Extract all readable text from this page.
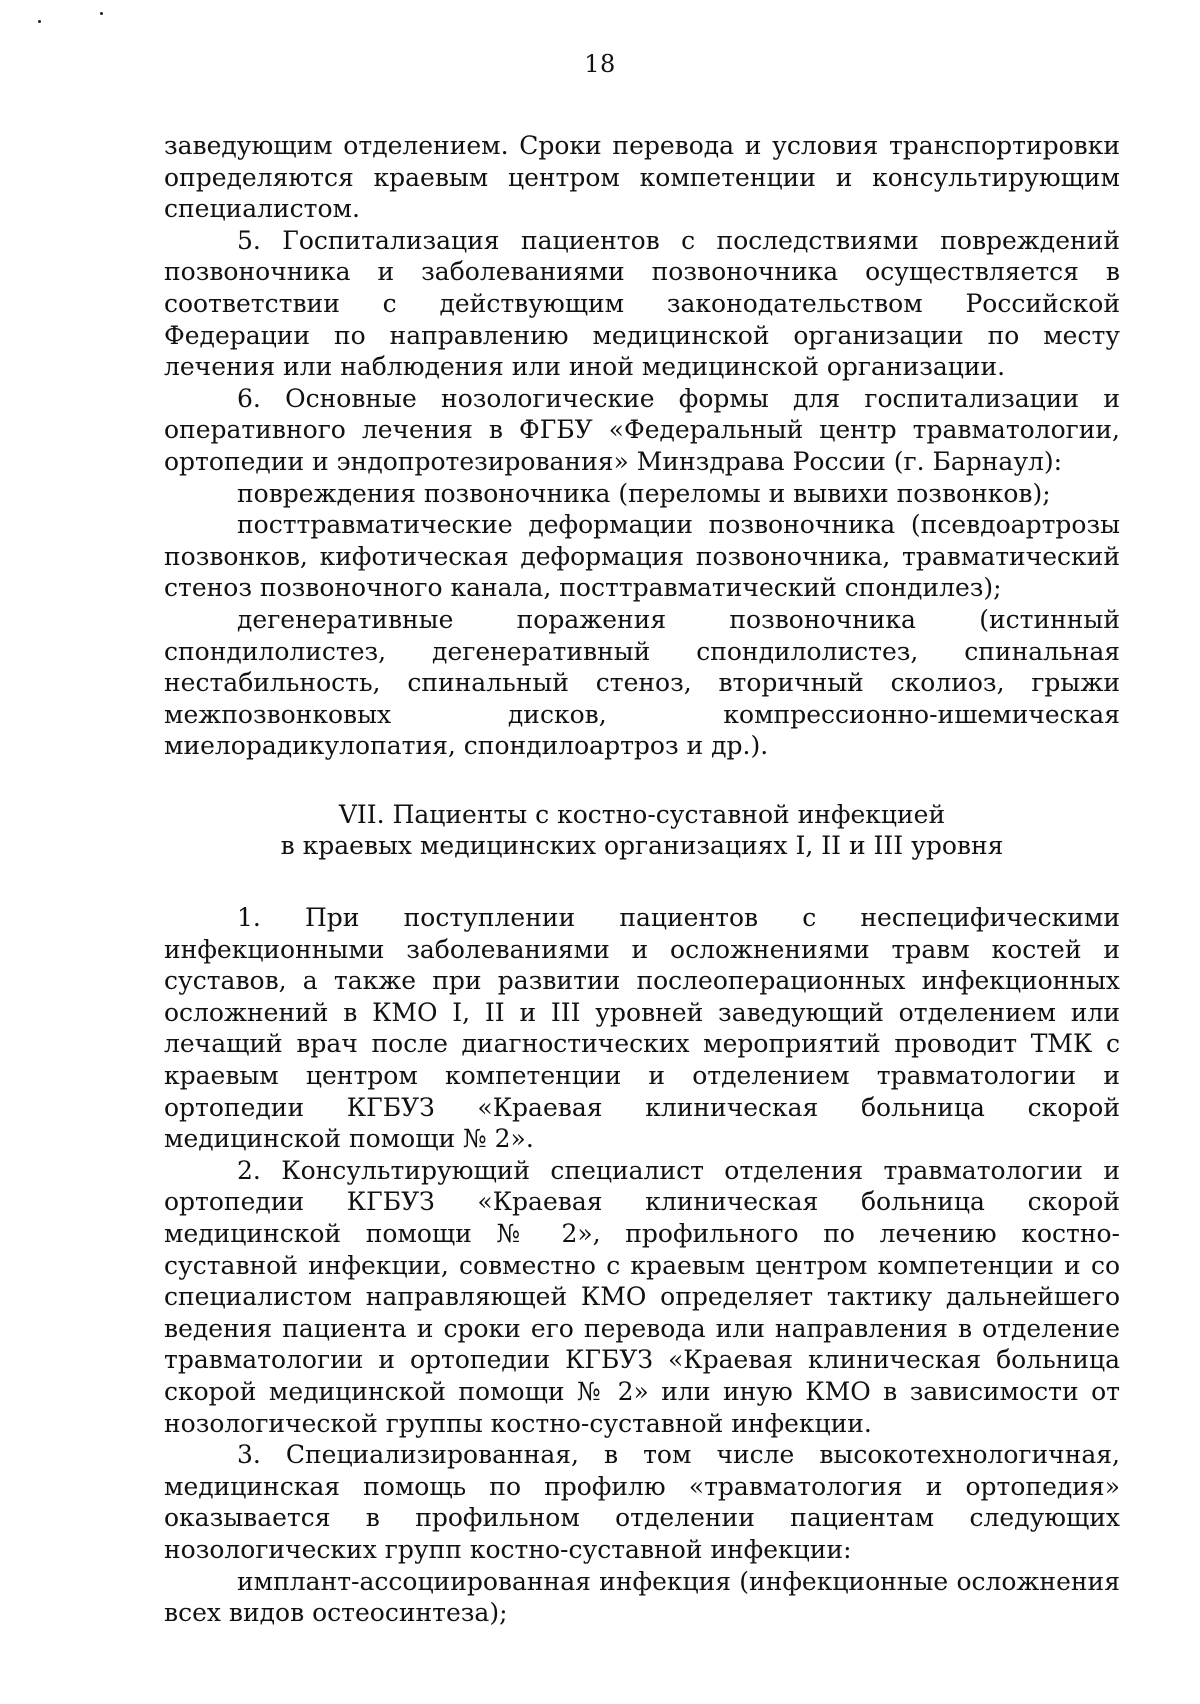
18

заведующим отделением. Сроки перевода и условия транспортировки определяются краевым центром компетенции и консультирующим специалистом.

5. Госпитализация пациентов с последствиями повреждений позвоночника и заболеваниями позвоночника осуществляется в соответствии с действующим законодательством Российской Федерации по направлению медицинской организации по месту лечения или наблюдения или иной медицинской организации.

6. Основные нозологические формы для госпитализации и оперативного лечения в ФГБУ «Федеральный центр травматологии, ортопедии и эндопротезирования» Минздрава России (г. Барнаул):

повреждения позвоночника (переломы и вывихи позвонков);

посттравматические деформации позвоночника (псевдоартрозы позвонков, кифотическая деформация позвоночника, травматический стеноз позвоночного канала, посттравматический спондилез);

дегенеративные поражения позвоночника (истинный спондилолистез, дегенеративный спондилолистез, спинальная нестабильность, спинальный стеноз, вторичный сколиоз, грыжи межпозвонковых дисков, компрессионно-ишемическая миелорадикулопатия, спондилоартроз и др.).

VII. Пациенты с костно-суставной инфекцией

в краевых медицинских организациях I, II и III уровня

1. При поступлении пациентов с неспецифическими инфекционными заболеваниями и осложнениями травм костей и суставов, а также при развитии послеоперационных инфекционных осложнений в КМО I, II и III уровней заведующий отделением или лечащий врач после диагностических мероприятий проводит ТМК с краевым центром компетенции и отделением травматологии и ортопедии КГБУЗ «Краевая клиническая больница скорой медицинской помощи № 2».

2. Консультирующий специалист отделения травматологии и ортопедии КГБУЗ «Краевая клиническая больница скорой медицинской помощи № 2», профильного по лечению костно-суставной инфекции, совместно с краевым центром компетенции и со специалистом направляющей КМО определяет тактику дальнейшего ведения пациента и сроки его перевода или направления в отделение травматологии и ортопедии КГБУЗ «Краевая клиническая больница скорой медицинской помощи № 2» или иную КМО в зависимости от нозологической группы костно-суставной инфекции.

3. Специализированная, в том числе высокотехнологичная, медицинская помощь по профилю «травматология и ортопедия» оказывается в профильном отделении пациентам следующих нозологических групп костно-суставной инфекции:

имплант-ассоциированная инфекция (инфекционные осложнения всех видов остеосинтеза);
